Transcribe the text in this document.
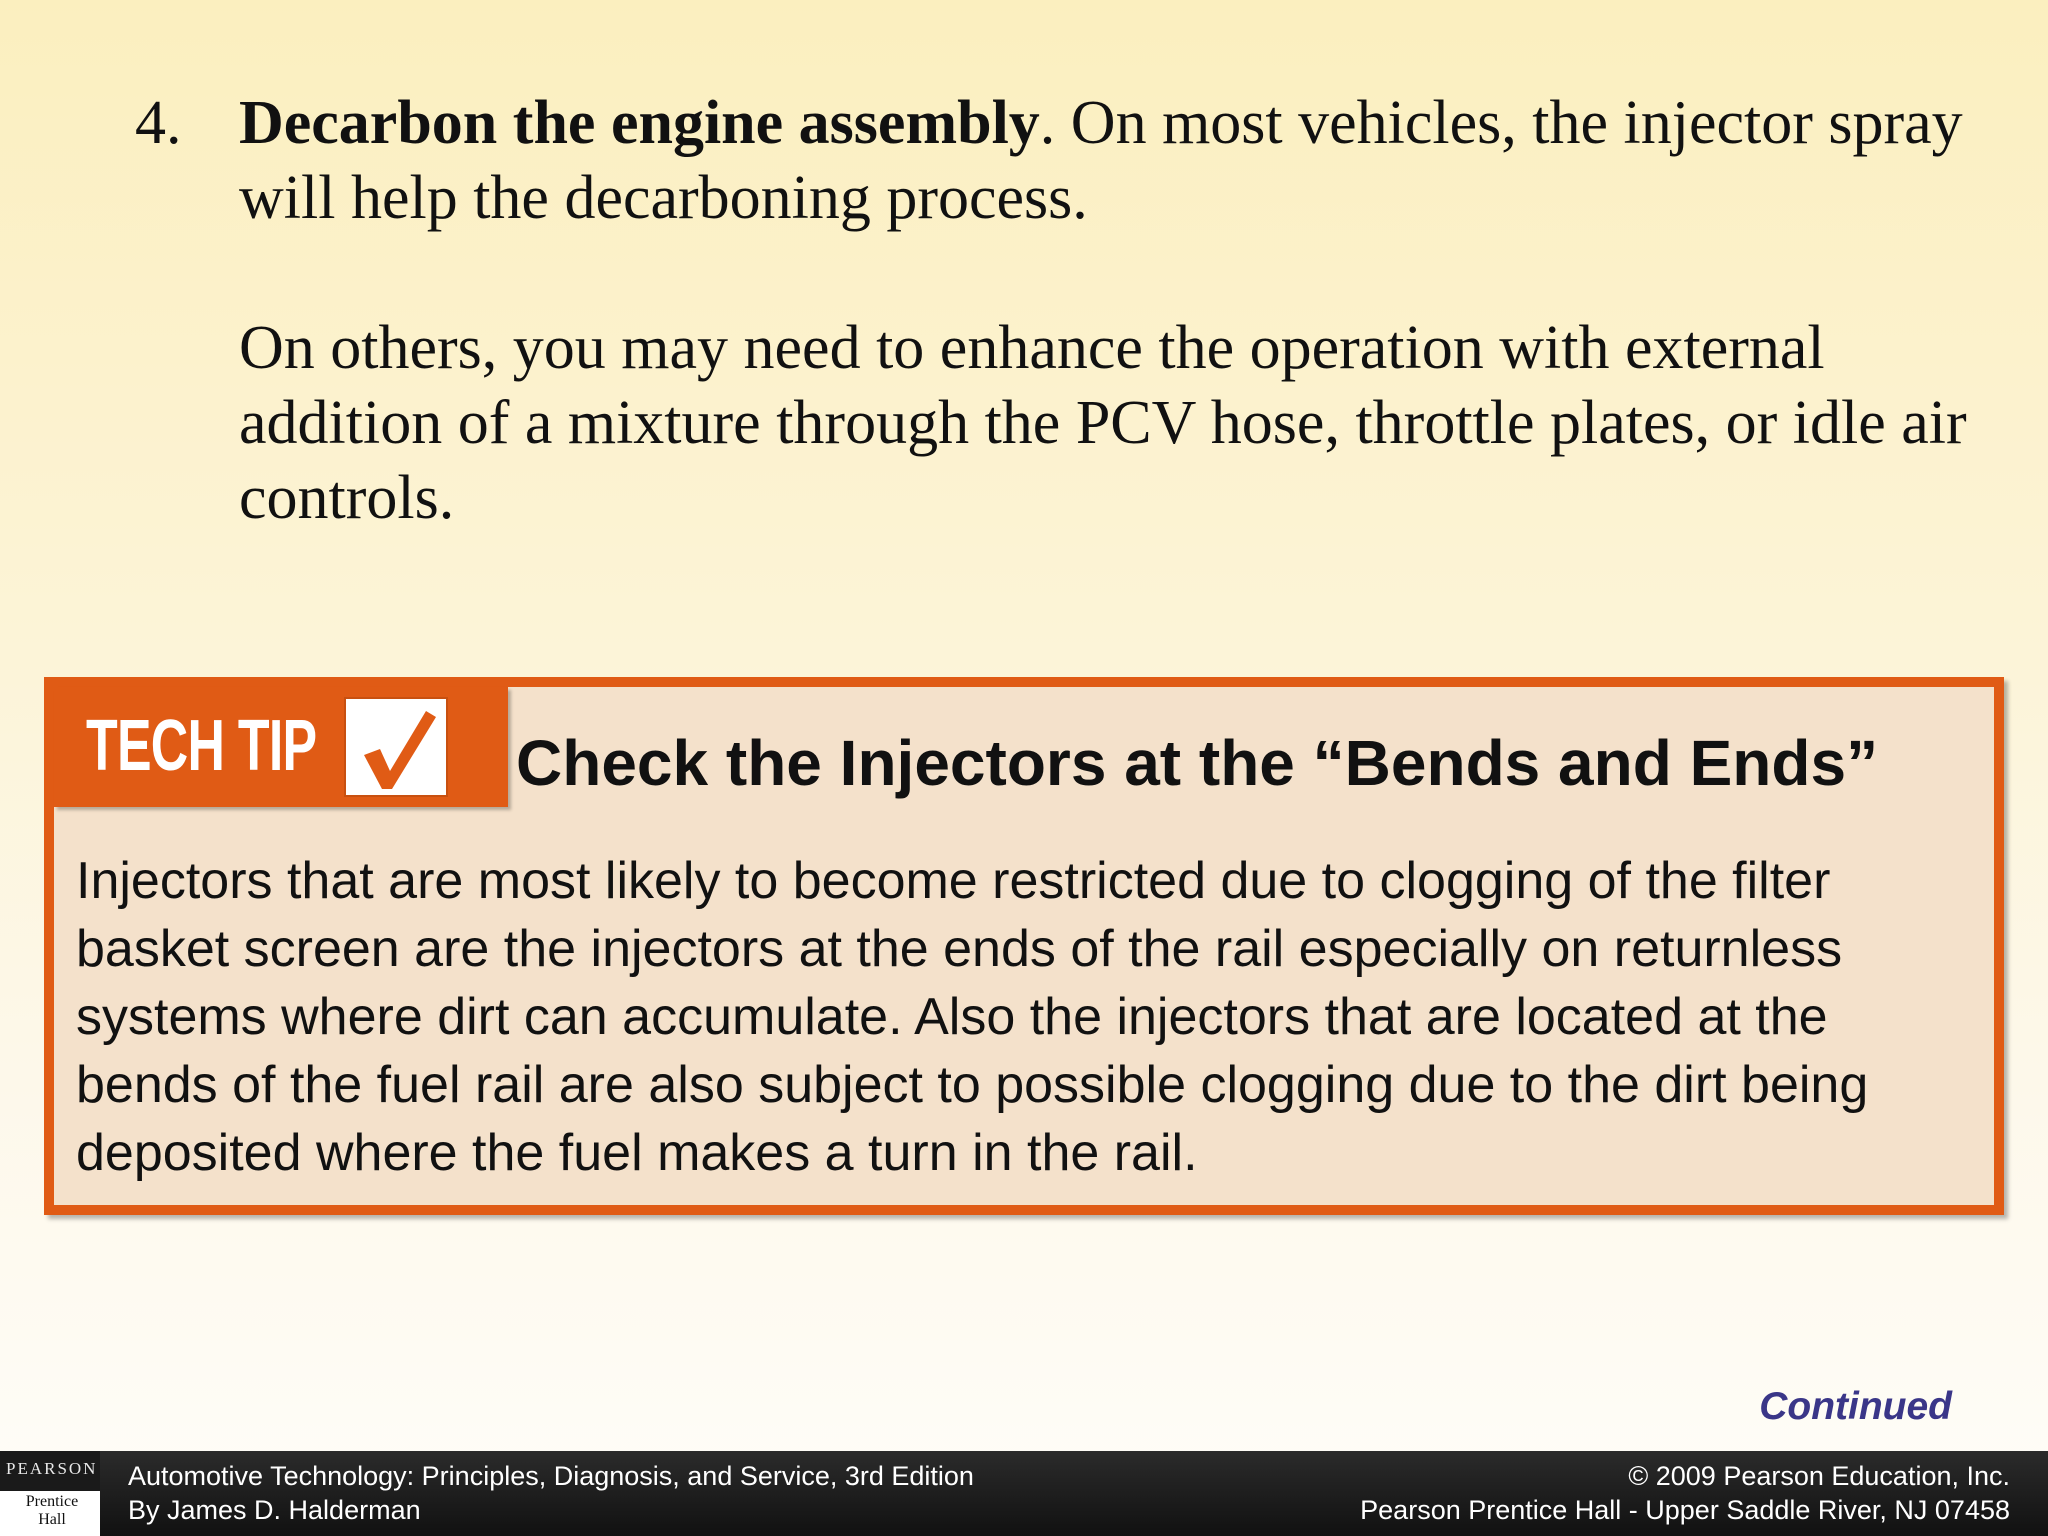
4. Decarbon the engine assembly. On most vehicles, the injector spray will help the decarboning process.
On others, you may need to enhance the operation with external addition of a mixture through the PCV hose, throttle plates, or idle air controls.
TECH TIP	Check the Injectors at the “Bends and Ends”
Injectors that are most likely to become restricted due to clogging of the filter basket screen are the injectors at the ends of the rail especially on returnless systems where dirt can accumulate. Also the injectors that are located at the bends of the fuel rail are also subject to possible clogging due to the dirt being deposited where the fuel makes a turn in the rail.
Continued
PEARSON
Prentice Hall
Automotive Technology: Principles, Diagnosis, and Service, 3rd Edition
By James D. Halderman
© 2009 Pearson Education, Inc.
Pearson Prentice Hall - Upper Saddle River, NJ 07458
